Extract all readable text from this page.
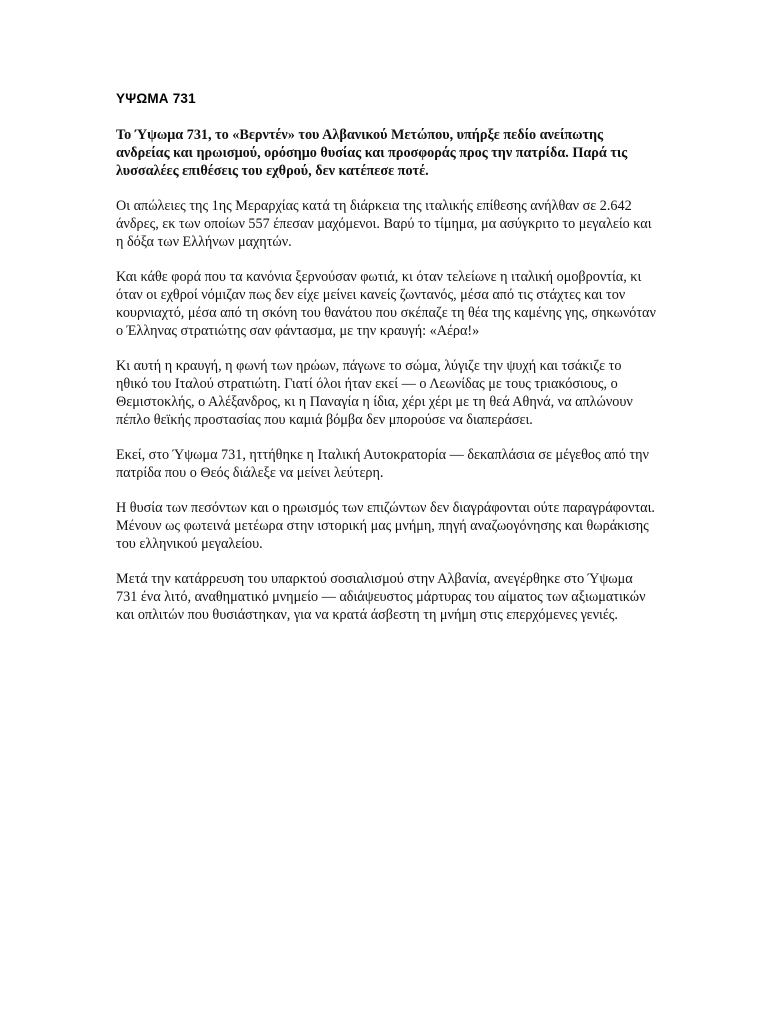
ΥΨΩΜΑ 731

Το Ύψωμα 731, το «Βερντέν» του Αλβανικού Μετώπου, υπήρξε πεδίο ανείπωτης ανδρείας και ηρωισμού, ορόσημο θυσίας και προσφοράς προς την πατρίδα. Παρά τις λυσσαλέες επιθέσεις του εχθρού, δεν κατέπεσε ποτέ.

Οι απώλειες της 1ης Μεραρχίας κατά τη διάρκεια της ιταλικής επίθεσης ανήλθαν σε 2.642 άνδρες, εκ των οποίων 557 έπεσαν μαχόμενοι. Βαρύ το τίμημα, μα ασύγκριτο το μεγαλείο και η δόξα των Ελλήνων μαχητών.

Και κάθε φορά που τα κανόνια ξερνούσαν φωτιά, κι όταν τελείωνε η ιταλική ομοβροντία, κι όταν οι εχθροί νόμιζαν πως δεν είχε μείνει κανείς ζωντανός, μέσα από τις στάχτες και τον κουρνιαχτό, μέσα από τη σκόνη του θανάτου που σκέπαζε τη θέα της καμένης γης, σηκωνόταν ο Έλληνας στρατιώτης σαν φάντασμα, με την κραυγή: «Αέρα!»

Κι αυτή η κραυγή, η φωνή των ηρώων, πάγωνε το σώμα, λύγιζε την ψυχή και τσάκιζε το ηθικό του Ιταλού στρατιώτη. Γιατί όλοι ήταν εκεί — ο Λεωνίδας με τους τριακόσιους, ο Θεμιστοκλής, ο Αλέξανδρος, κι η Παναγία η ίδια, χέρι χέρι με τη θεά Αθηνά, να απλώνουν πέπλο θεϊκής προστασίας που καμιά βόμβα δεν μπορούσε να διαπεράσει.

Εκεί, στο Ύψωμα 731, ηττήθηκε η Ιταλική Αυτοκρατορία — δεκαπλάσια σε μέγεθος από την πατρίδα που ο Θεός διάλεξε να μείνει λεύτερη.

Η θυσία των πεσόντων και ο ηρωισμός των επιζώντων δεν διαγράφονται ούτε παραγράφονται. Μένουν ως φωτεινά μετέωρα στην ιστορική μας μνήμη, πηγή αναζωογόνησης και θωράκισης του ελληνικού μεγαλείου.

Μετά την κατάρρευση του υπαρκτού σοσιαλισμού στην Αλβανία, ανεγέρθηκε στο Ύψωμα 731 ένα λιτό, αναθηματικό μνημείο — αδιάψευστος μάρτυρας του αίματος των αξιωματικών και οπλιτών που θυσιάστηκαν, για να κρατά άσβεστη τη μνήμη στις επερχόμενες γενιές.
